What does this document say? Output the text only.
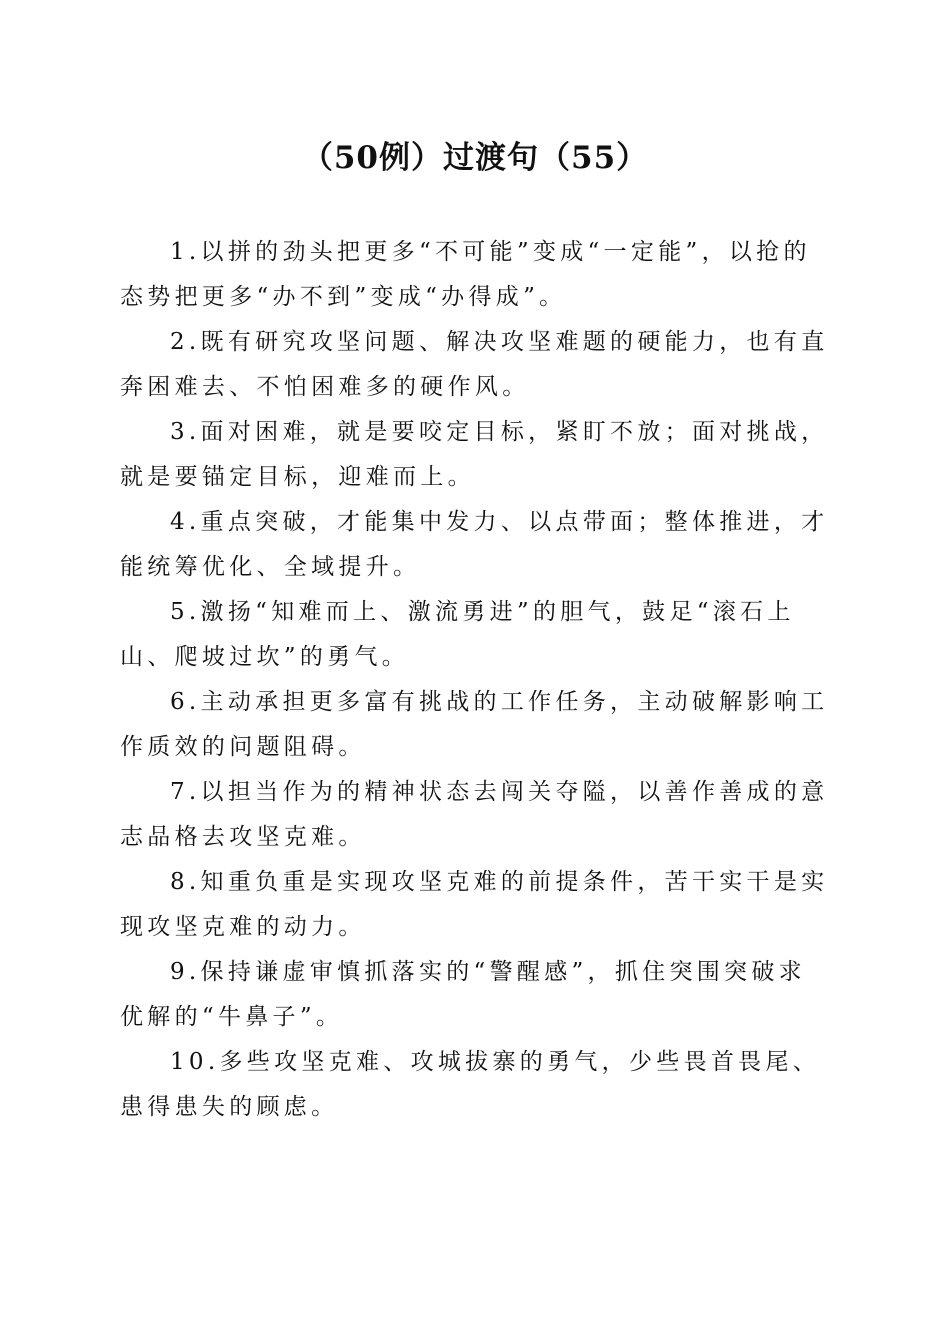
（50例）过渡句（55）

1.以拼的劲头把更多“不可能”变成“一定能”，以抢的态势把更多“办不到”变成“办得成”。

2.既有研究攻坚问题、解决攻坚难题的硬能力，也有直奔困难去、不怕困难多的硬作风。

3.面对困难，就是要咬定目标，紧盯不放；面对挑战，就是要锚定目标，迎难而上。

4.重点突破，才能集中发力、以点带面；整体推进，才能统筹优化、全域提升。

5.激扬“知难而上、激流勇进”的胆气，鼓足“滚石上山、爬坡过坎”的勇气。

6.主动承担更多富有挑战的工作任务，主动破解影响工作质效的问题阻碍。

7.以担当作为的精神状态去闯关夺隘，以善作善成的意志品格去攻坚克难。

8.知重负重是实现攻坚克难的前提条件，苦干实干是实现攻坚克难的动力。

9.保持谦虚审慎抓落实的“警醒感”，抓住突围突破求优解的“牛鼻子”。

10.多些攻坚克难、攻城拔寨的勇气，少些畏首畏尾、患得患失的顾虑。
